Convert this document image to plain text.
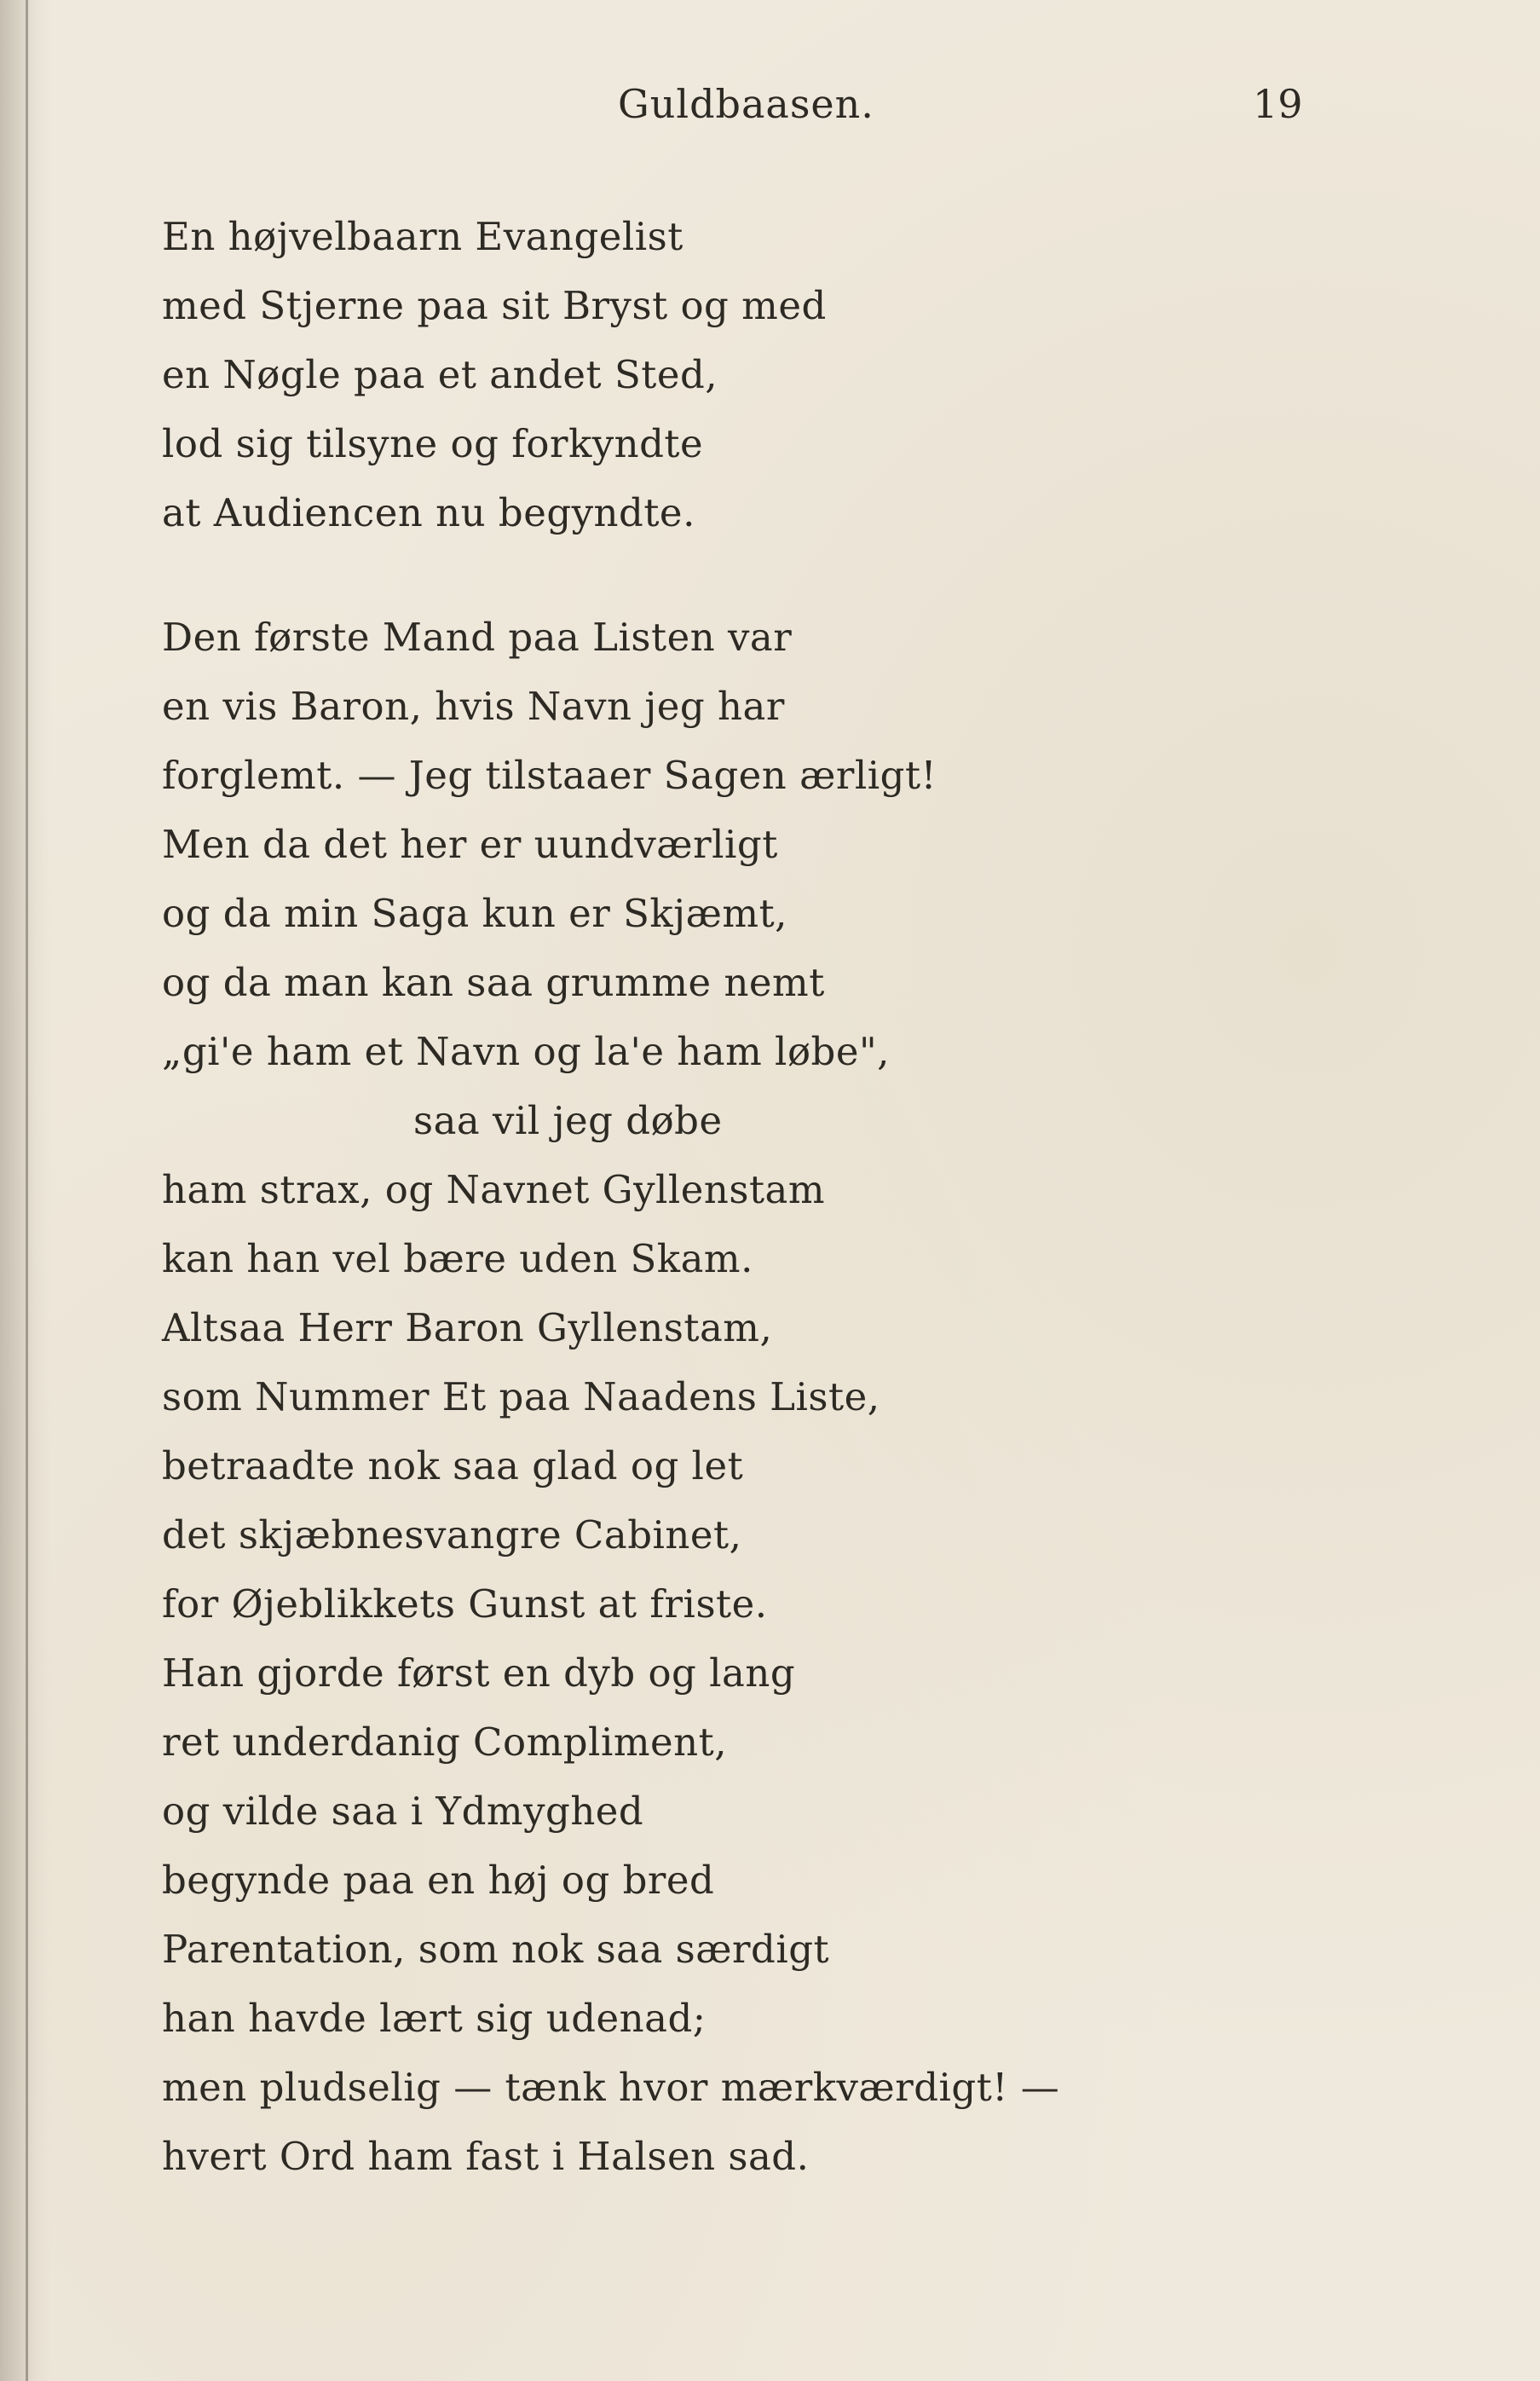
Guldbaasen.	19
En højvelbaarn Evangelist
med Stjerne paa sit Bryst og med
en Nøgle paa et andet Sted,
lod sig tilsyne og forkyndte
at Audiencen nu begyndte.
Den første Mand paa Listen var
en vis Baron, hvis Navn jeg har
forglemt. — Jeg tilstaaer Sagen ærligt!
Men da det her er uundværligt
og da min Saga kun er Skjæmt,
og da man kan saa grumme nemt
„gi'e ham et Navn og la'e ham løbe",
saa vil jeg døbe
ham strax, og Navnet Gyllenstam
kan han vel bære uden Skam.
Altsaa Herr Baron Gyllenstam,
som Nummer Et paa Naadens Liste,
betraadte nok saa glad og let
det skjæbnesvangre Cabinet,
for Øjeblikkets Gunst at friste.
Han gjorde først en dyb og lang
ret underdanig Compliment,
og vilde saa i Ydmyghed
begynde paa en høj og bred
Parentation, som nok saa særdigt
han havde lært sig udenad;
men pludselig — tænk hvor mærkværdigt! —
hvert Ord ham fast i Halsen sad.
